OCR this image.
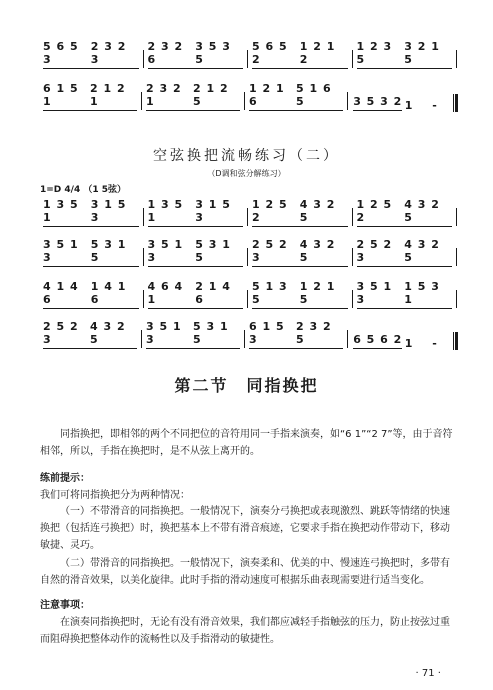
5 6 5 3
2 3 2 3
2 3 2 6
3 5 3 5
5 6 5 2
1 2 1 2
1 2 3 5
3 2 1 5
6 1 5 1
2 1 2 1
2 3 2 1
2 1 2 5
1 2 1 6
5 1 6 5	3 5 3 2 1 -
空弦换把流畅练习（二）
（D调和弦分解练习）
1=D 4/4 （1 5弦）
1 3 5 1
3 1 5 3
1 3 5 1
3 1 5 3
1 2 5 2
4 3 2 5
1 2 5 2
4 3 2 5
3 5 1 3
5 3 1 5
3 5 1 3
5 3 1 5
2 5 2 3
4 3 2 5
2 5 2 3
4 3 2 5
4 1 4 6
1 4 1 6
4 6 4 1
2 1 4 6
5 1 3 5
1 2 1 5
3 5 1 3
1 5 3 1
2 5 2 3
4 3 2 5
3 5 1 3
5 3 1 5
6 1 5 3
2 3 2 5	6 5 6 2 1 -
第二节　同指换把
同指换把，即相邻的两个不同把位的音符用同一手指来演奏，如“6 1”“2 7”等，由于音符相邻，所以，手指在换把时，是不从弦上离开的。
练前提示：
我们可将同指换把分为两种情况：
（一）不带滑音的同指换把。一般情况下，演奏分弓换把或表现激烈、跳跃等情绪的快速换把（包括连弓换把）时，换把基本上不带有滑音痕迹，它要求手指在换把动作带动下，移动敏捷、灵巧。
（二）带滑音的同指换把。一般情况下，演奏柔和、优美的中、慢速连弓换把时，多带有自然的滑音效果，以美化旋律。此时手指的滑动速度可根据乐曲表现需要进行适当变化。
注意事项：
在演奏同指换把时，无论有没有滑音效果，我们都应减轻手指触弦的压力，防止按弦过重而阻碍换把整体动作的流畅性以及手指滑动的敏捷性。
· 71 ·
